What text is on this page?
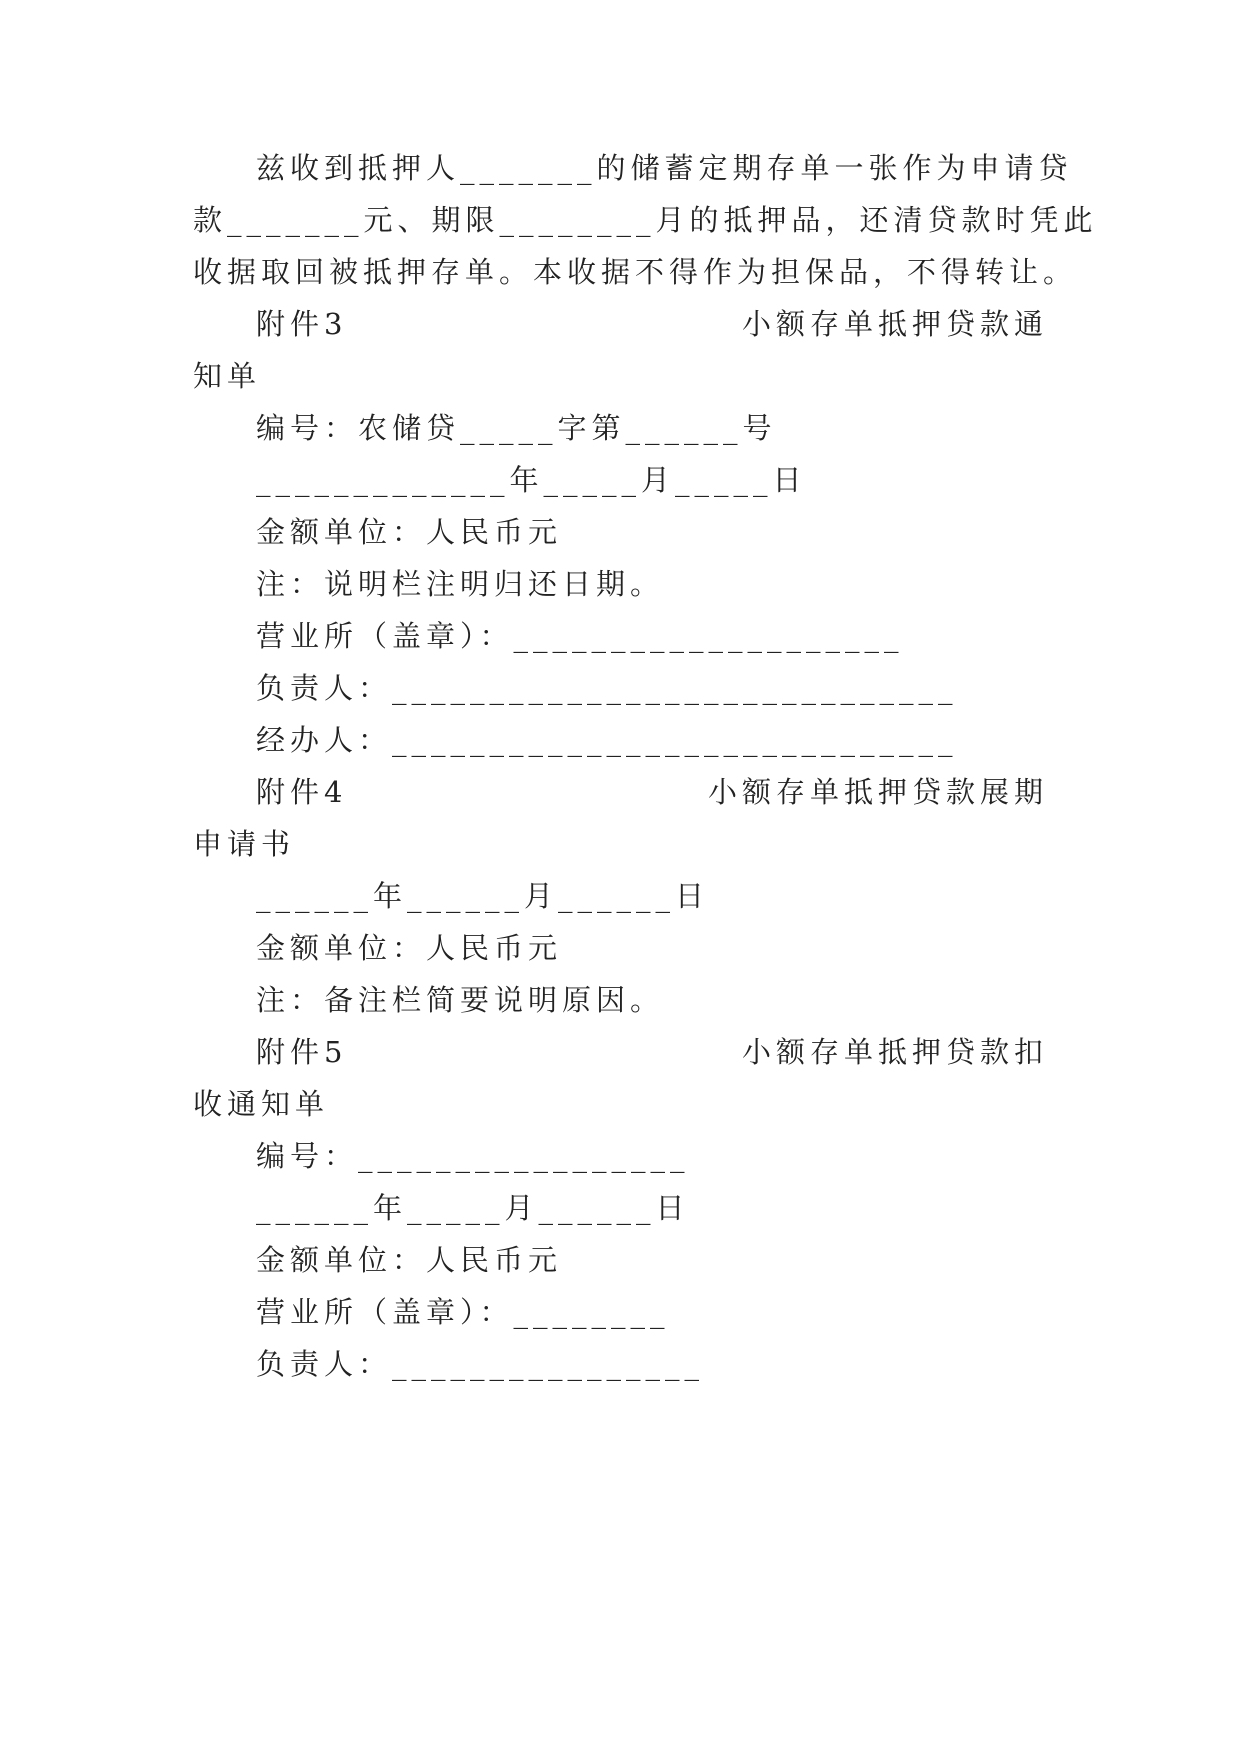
兹收到抵押人_______的储蓄定期存单一张作为申请贷
款_______元、期限________月的抵押品，还清贷款时凭此
收据取回被抵押存单。本收据不得作为担保品，不得转让。
附件3	小额存单抵押贷款通
知单
编号：农储贷_____字第______号
_____________年_____月_____日
金额单位：人民币元
注：说明栏注明归还日期。
营业所（盖章）：____________________
负责人：_____________________________
经办人：_____________________________
附件4	小额存单抵押贷款展期
申请书
______年______月______日
金额单位：人民币元
注：备注栏简要说明原因。
附件5	小额存单抵押贷款扣
收通知单
编号：_________________
______年_____月______日
金额单位：人民币元
营业所（盖章）：________
负责人：________________
